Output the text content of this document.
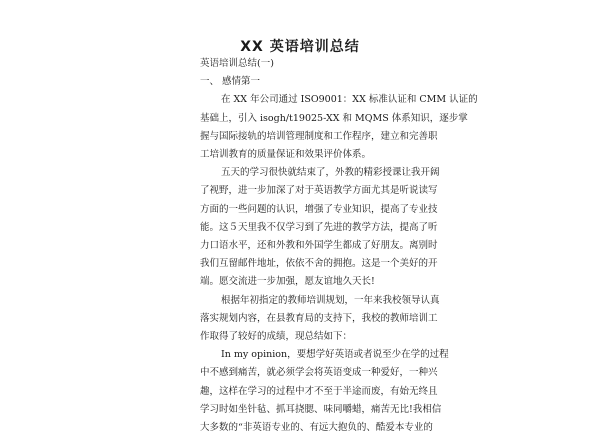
XX 英语培训总结
英语培训总结(一)
一、 感情第一
在 XX 年公司通过 ISO9001：XX 标准认证和 CMM 认证的
基础上，引入 isogh/t19025-XX 和 MQMS 体系知识，逐步掌
握与国际接轨的培训管理制度和工作程序，建立和完善职
工培训教育的质量保证和效果评价体系。
五天的学习很快就结束了，外教的精彩授课让我开阔
了视野，进一步加深了对于英语教学方面尤其是听说读写
方面的一些问题的认识，增强了专业知识，提高了专业技
能。这５天里我不仅学习到了先进的教学方法，提高了听
力口语水平，还和外教和外国学生都成了好朋友。离别时
我们互留邮件地址，依依不舍的拥抱。这是一个美好的开
端。愿交流进一步加强，愿友谊地久天长!
根据年初指定的教师培训规划，一年来我校领导认真
落实规划内容，在县教育局的支持下，我校的教师培训工
作取得了较好的成绩，现总结如下：
In my opinion，要想学好英语或者说至少在学的过程
中不感到痛苦，就必须学会将英语变成一种爱好，一种兴
趣，这样在学习的过程中才不至于半途而废，有始无终且
学习时如坐针毡、抓耳挠腮、味同嚼蜡，痛苦无比!我相信
大多数的“非英语专业的、有远大抱负的、酷爱本专业的
